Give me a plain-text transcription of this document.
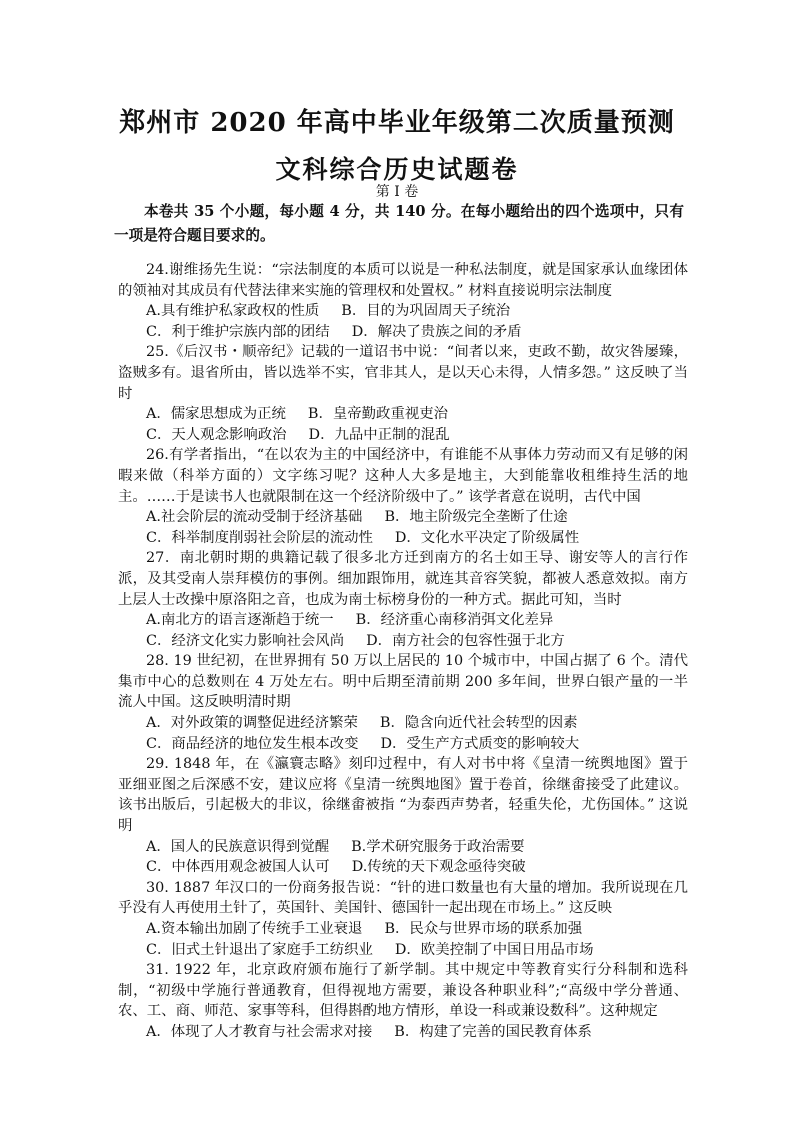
郑州市 2020 年高中毕业年级第二次质量预测
文科综合历史试题卷
第 I 卷

本卷共 35 个小题，每小题 4 分，共 140 分。在每小题给出的四个选项中，只有一项是符合题目要求的。

24.谢维扬先生说：“宗法制度的本质可以说是一种私法制度，就是国家承认血缘团体的领袖对其成员有代替法律来实施的管理权和处置权。” 材料直接说明宗法制度

A.具有维护私家政权的性质 B．目的为巩固周天子统治
C．利于维护宗族内部的团结 D．解决了贵族之间的矛盾

25.《后汉书・顺帝纪》记载的一道诏书中说：“间者以来，吏政不勤，故灾咎屡臻，盗贼多有。退省所由，皆以选举不实，官非其人，是以天心未得，人情多怨。” 这反映了当时

A．儒家思想成为正统 B．皇帝勤政重视吏治
C．天人观念影响政治 D．九品中正制的混乱

26.有学者指出，“在以农为主的中国经济中，有谁能不从事体力劳动而又有足够的闲暇来做（科举方面的）文字练习呢？这种人大多是地主，大到能靠收租维持生活的地主。……于是读书人也就限制在这一个经济阶级中了。” 该学者意在说明，古代中国

A.社会阶层的流动受制于经济基础 B．地主阶级完全垄断了仕途
C．科举制度削弱社会阶层的流动性 D．文化水平决定了阶级属性

27．南北朝时期的典籍记载了很多北方迁到南方的名士如王导、谢安等人的言行作派，及其受南人崇拜模仿的事例。细加跟饰用，就连其音容笑貌，都被人悉意效拟。南方上层人士改操中原洛阳之音，也成为南士标榜身份的一种方式。据此可知，当时

A.南北方的语言逐渐趋于统一 B．经济重心南移消弭文化差异
C．经济文化实力影响社会风尚 D．南方社会的包容性强于北方

28. 19 世纪初，在世界拥有 50 万以上居民的 10 个城市中，中国占据了 6 个。清代集市中心的总数则在 4 万处左右。明中后期至清前期 200 多年间，世界白银产量的一半流人中国。这反映明清时期

A．对外政策的调整促进经济繁荣 B．隐含向近代社会转型的因素
C．商品经济的地位发生根本改变 D．受生产方式质变的影响较大

29. 1848 年，在《瀛寰志略》刻印过程中，有人对书中将《皇清一统舆地图》置于亚细亚图之后深感不安，建议应将《皇清一统舆地图》置于卷首，徐继畬接受了此建议。该书出版后，引起极大的非议，徐继畬被指 “为泰西声势者，轻重失伦，尤伤国体。” 这说明

A．国人的民族意识得到觉醒 B.学术研究服务于政治需要
C．中体西用观念被国人认可 D.传统的天下观念亟待突破

30. 1887 年汉口的一份商务报告说：“针的进口数量也有大量的增加。我所说现在几乎没有人再使用土针了，英国针、美国针、德国针一起出现在市场上。” 这反映

A.资本输出加剧了传统手工业衰退 B．民众与世界市场的联系加强
C．旧式土针退出了家庭手工纺织业 D．欧美控制了中国日用品市场

31. 1922 年，北京政府颁布施行了新学制。其中规定中等教育实行分科制和选科制，“初级中学施行普通教育，但得视地方需要，兼设各种职业科”;“高级中学分普通、农、工、商、师范、家事等科，但得斟酌地方情形，单设一科或兼设数科”。这种规定

A．体现了人才教育与社会需求对接 B．构建了完善的国民教育体系
